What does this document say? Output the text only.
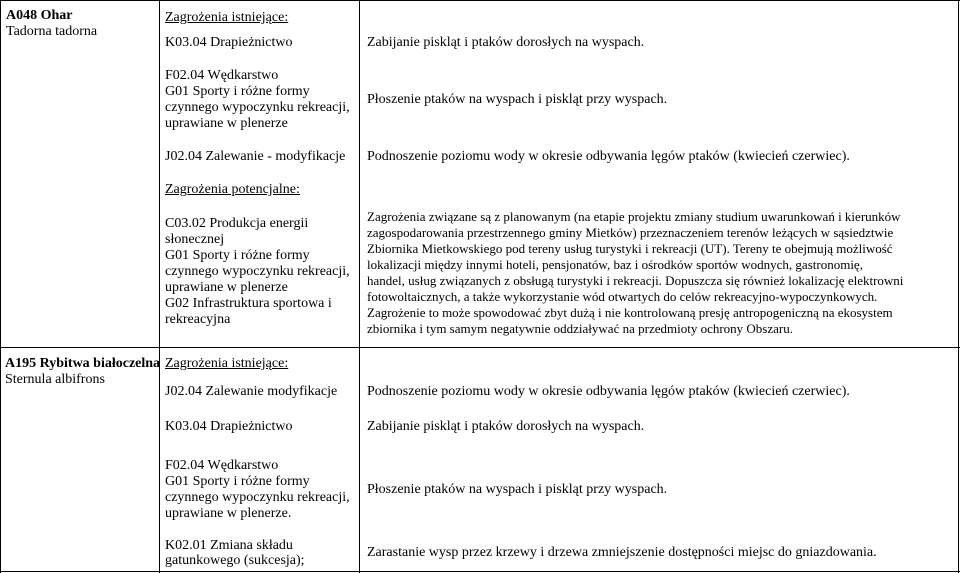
A048 Ohar
Tadorna tadorna
A195 Rybitwa białoczelna
Sternula albifrons
Zagrożenia istniejące:
K03.04 Drapieżnictwo
F02.04 Wędkarstwo
G01 Sporty i różne formy
czynnego wypoczynku rekreacji,
uprawiane w plenerze
J02.04 Zalewanie - modyfikacje
Zagrożenia potencjalne:
C03.02 Produkcja energii
słonecznej
G01 Sporty i różne formy
czynnego wypoczynku rekreacji,
uprawiane w plenerze
G02 Infrastruktura sportowa i
rekreacyjna
Zabijanie piskląt i ptaków dorosłych na wyspach.
Płoszenie ptaków na wyspach i piskląt przy wyspach.
Podnoszenie poziomu wody w okresie odbywania lęgów ptaków (kwiecień czerwiec).
Zagrożenia związane są z planowanym (na etapie projektu zmiany studium uwarunkowań i kierunków
zagospodarowania przestrzennego gminy Mietków) przeznaczeniem terenów leżących w sąsiedztwie
Zbiornika Mietkowskiego pod tereny usług turystyki i rekreacji (UT). Tereny te obejmują możliwość
lokalizacji między innymi hoteli, pensjonatów, baz i ośrodków sportów wodnych, gastronomię,
handel, usług związanych z obsługą turystyki i rekreacji. Dopuszcza się również lokalizację elektrowni
fotowoltaicznych, a także wykorzystanie wód otwartych do celów rekreacyjno-wypoczynkowych.
Zagrożenie to może spowodować zbyt dużą i nie kontrolowaną presję antropogeniczną na ekosystem
zbiornika i tym samym negatywnie oddziaływać na przedmioty ochrony Obszaru.
Zagrożenia istniejące:
J02.04 Zalewanie modyfikacje
K03.04 Drapieżnictwo
F02.04 Wędkarstwo
G01 Sporty i różne formy
czynnego wypoczynku rekreacji,
uprawiane w plenerze.
K02.01 Zmiana składu
gatunkowego (sukcesja);
Podnoszenie poziomu wody w okresie odbywania lęgów ptaków (kwiecień czerwiec).
Zabijanie piskląt i ptaków dorosłych na wyspach.
Płoszenie ptaków na wyspach i piskląt przy wyspach.
Zarastanie wysp przez krzewy i drzewa zmniejszenie dostępności miejsc do gniazdowania.
